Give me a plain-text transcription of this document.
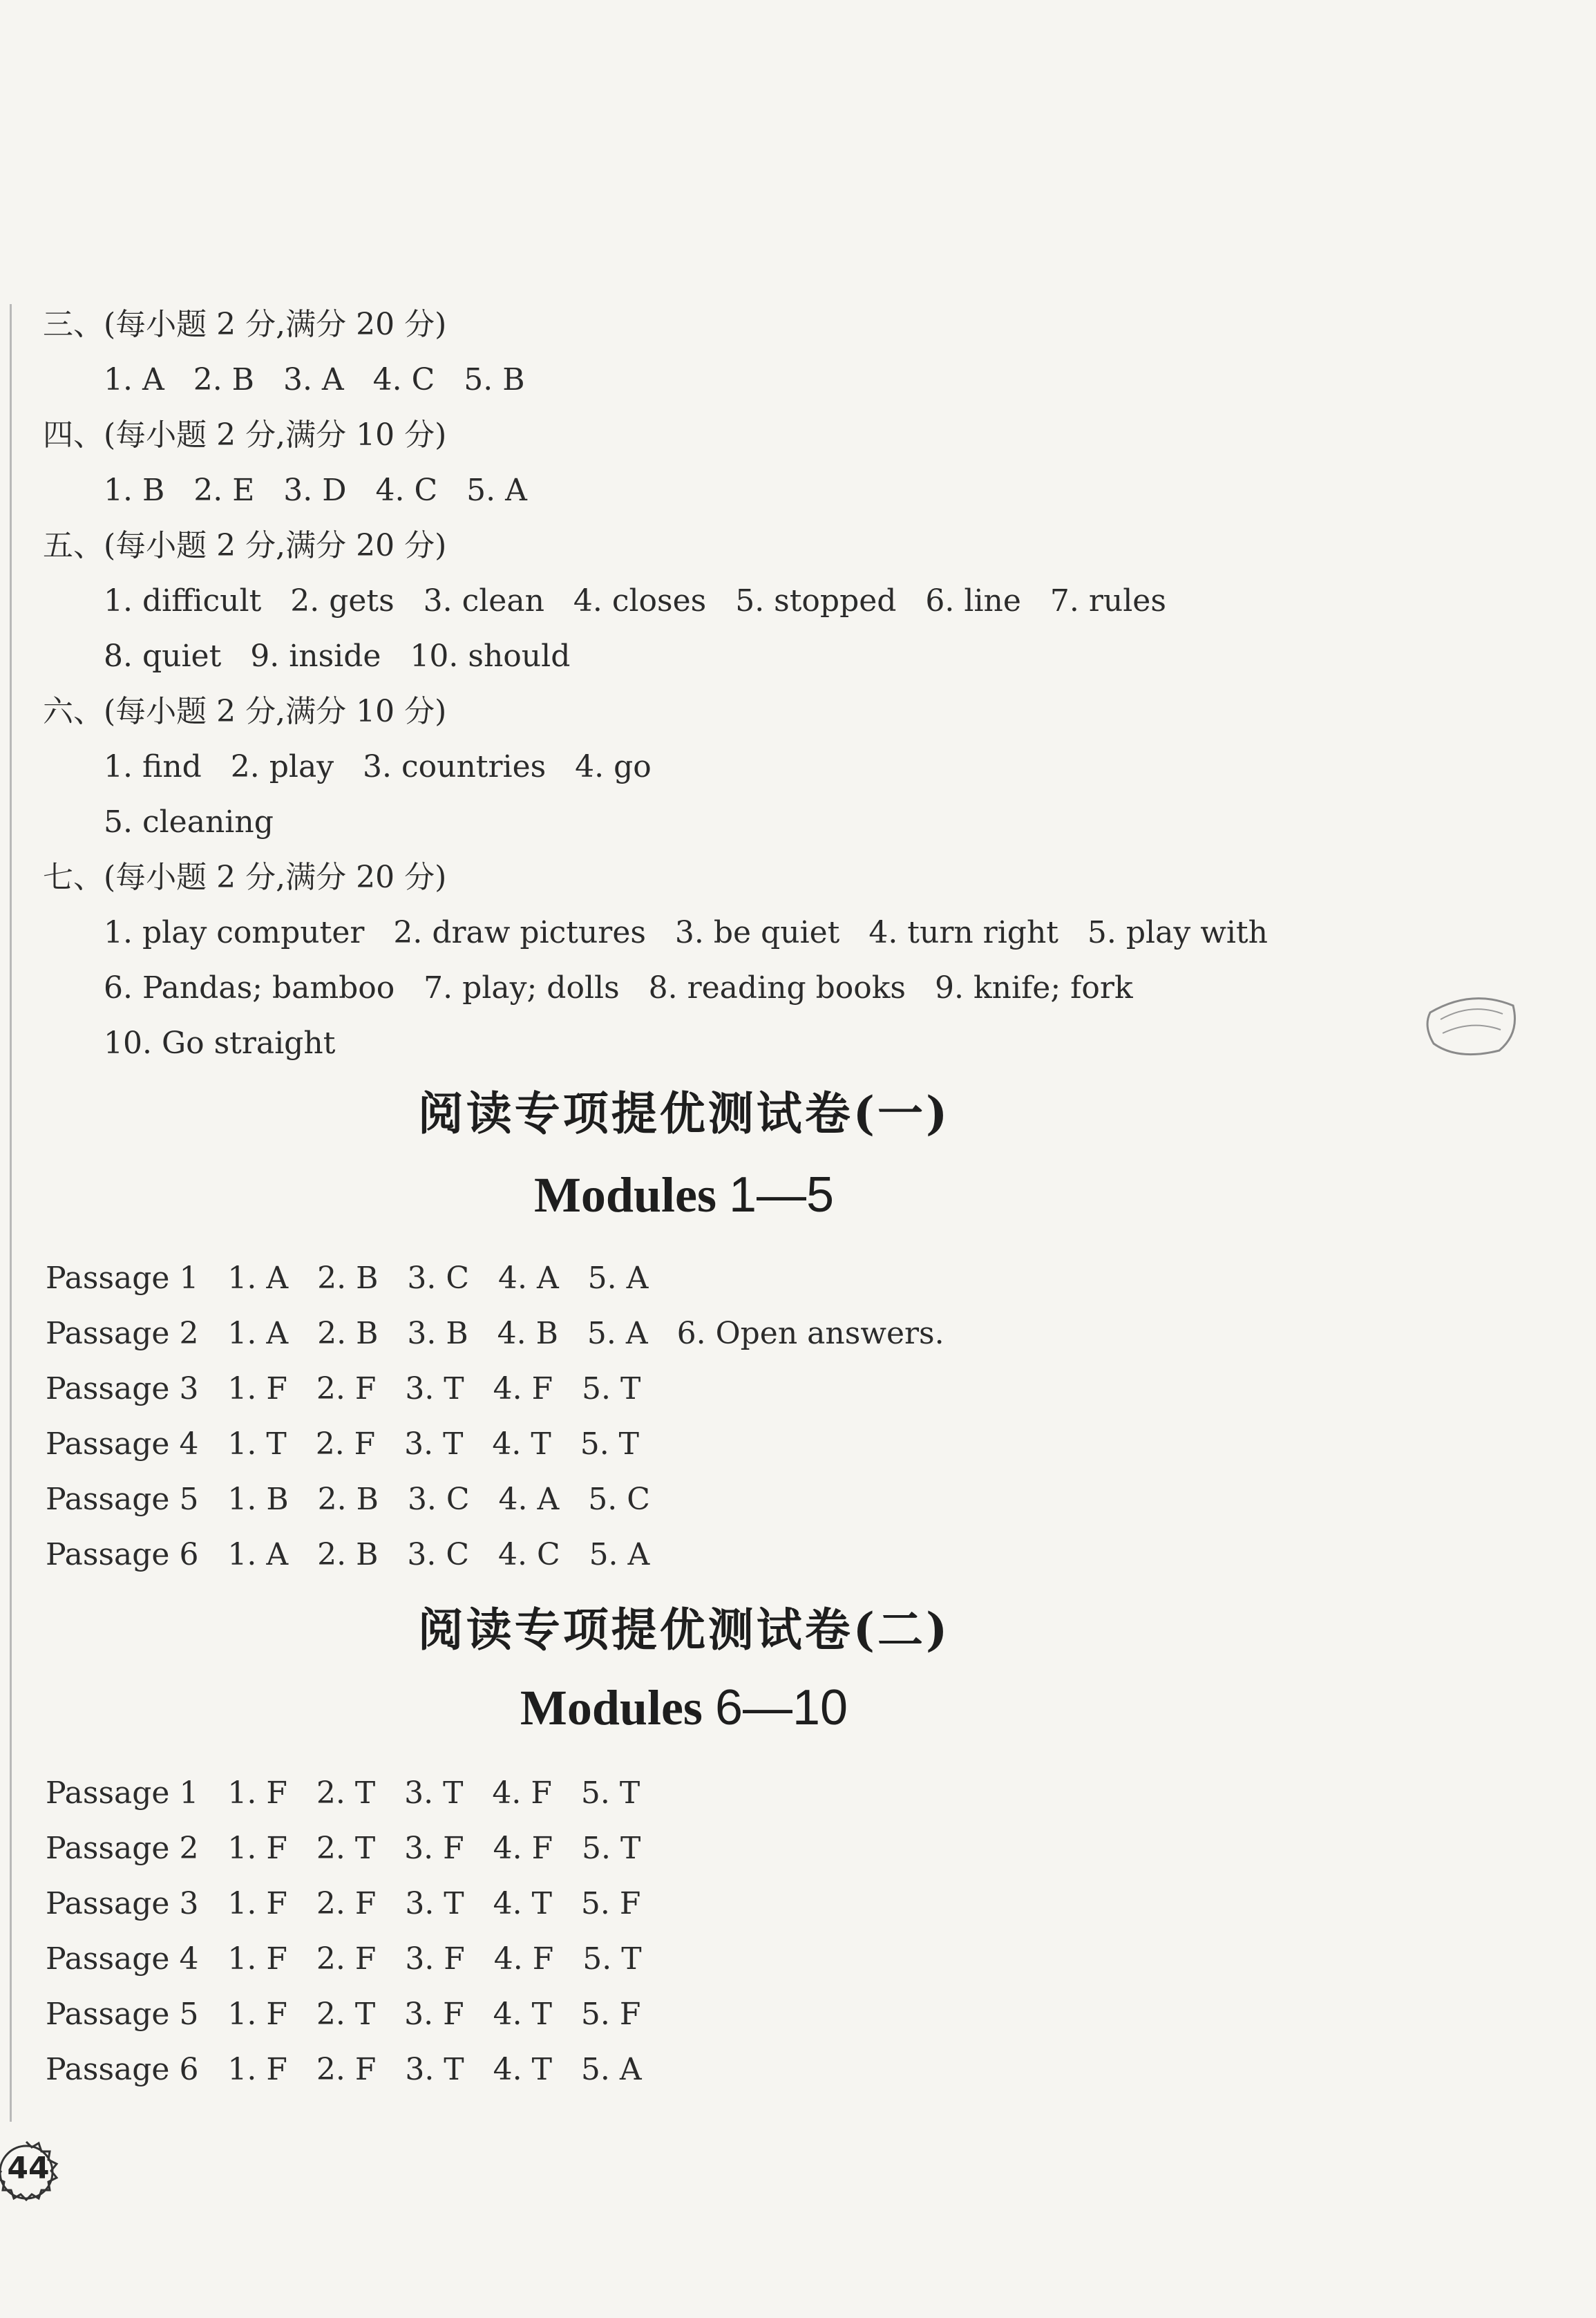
三、(每小题 2 分,满分 20 分)
1. A   2. B   3. A   4. C   5. B
四、(每小题 2 分,满分 10 分)
1. B   2. E   3. D   4. C   5. A
五、(每小题 2 分,满分 20 分)
1. difficult   2. gets   3. clean   4. closes   5. stopped   6. line   7. rules
8. quiet   9. inside   10. should
六、(每小题 2 分,满分 10 分)
1. find   2. play   3. countries   4. go
5. cleaning
七、(每小题 2 分,满分 20 分)
1. play computer   2. draw pictures   3. be quiet   4. turn right   5. play with
6. Pandas; bamboo   7. play; dolls   8. reading books   9. knife; fork
10. Go straight
阅读专项提优测试卷(一)
Modules 1—5
Passage 1 1. A   2. B   3. C   4. A   5. A
Passage 2 1. A   2. B   3. B   4. B   5. A   6. Open answers.
Passage 3 1. F   2. F   3. T   4. F   5. T
Passage 4 1. T   2. F   3. T   4. T   5. T
Passage 5 1. B   2. B   3. C   4. A   5. C
Passage 6 1. A   2. B   3. C   4. C   5. A
阅读专项提优测试卷(二)
Modules 6—10
Passage 1 1. F   2. T   3. T   4. F   5. T
Passage 2 1. F   2. T   3. F   4. F   5. T
Passage 3 1. F   2. F   3. T   4. T   5. F
Passage 4 1. F   2. F   3. F   4. F   5. T
Passage 5 1. F   2. T   3. F   4. T   5. F
Passage 6 1. F   2. F   3. T   4. T   5. A
44
